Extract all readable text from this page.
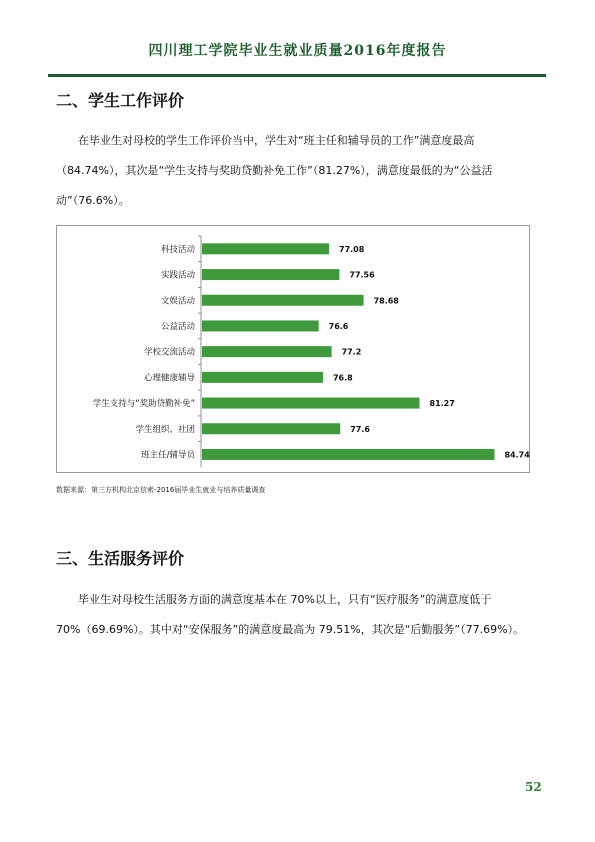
四川理工学院毕业生就业质量2016年度报告
二、学生工作评价

在毕业生对母校的学生工作评价当中，学生对“班主任和辅导员的工作”满意度最高

（84.74%），其次是“学生支持与奖助贷勤补免工作”（81.27%），满意度最低的为“公益活

动”（76.6%）。

科技活动	77.08
实践活动	77.56
文娱活动	78.68
公益活动	76.6
学校交流活动	77.2
心理健康辅导	76.8
学生支持与“奖助贷勤补免”	81.27
学生组织、社团	77.6
班主任/辅导员	84.74
数据来源：第三方机构北京信索-2016届毕业生就业与培养质量调查
三、生活服务评价

毕业生对母校生活服务方面的满意度基本在 70%以上，只有“医疗服务”的满意度低于

70%（69.69%）。其中对“安保服务”的满意度最高为 79.51%，其次是“后勤服务”（77.69%）。

52
